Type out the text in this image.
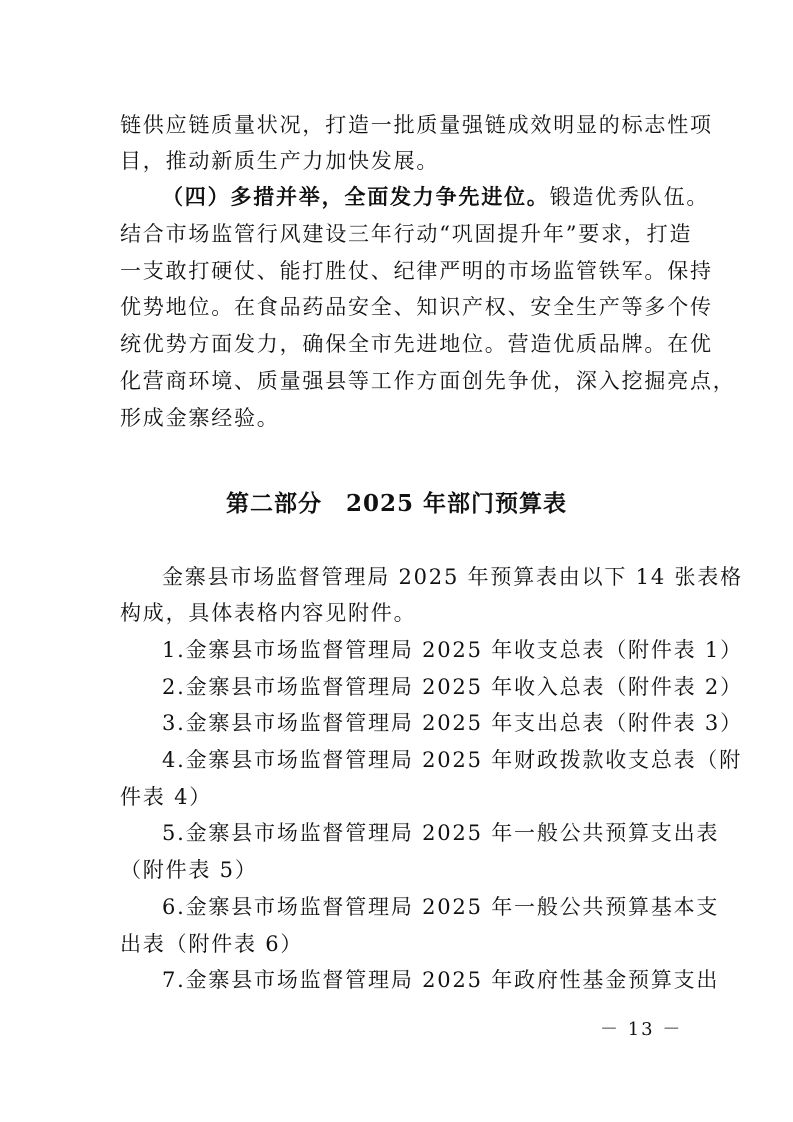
链供应链质量状况，打造一批质量强链成效明显的标志性项
目，推动新质生产力加快发展。
（四）多措并举，全面发力争先进位。锻造优秀队伍。
结合市场监管行风建设三年行动“巩固提升年”要求，打造
一支敢打硬仗、能打胜仗、纪律严明的市场监管铁军。保持
优势地位。在食品药品安全、知识产权、安全生产等多个传
统优势方面发力，确保全市先进地位。营造优质品牌。在优
化营商环境、质量强县等工作方面创先争优，深入挖掘亮点，
形成金寨经验。
第二部分　2025 年部门预算表
金寨县市场监督管理局 2025 年预算表由以下 14 张表格
构成，具体表格内容见附件。
1.金寨县市场监督管理局 2025 年收支总表（附件表 1）
2.金寨县市场监督管理局 2025 年收入总表（附件表 2）
3.金寨县市场监督管理局 2025 年支出总表（附件表 3）
4.金寨县市场监督管理局 2025 年财政拨款收支总表（附
件表 4）
5.金寨县市场监督管理局 2025 年一般公共预算支出表
（附件表 5）
6.金寨县市场监督管理局 2025 年一般公共预算基本支
出表（附件表 6）
7.金寨县市场监督管理局 2025 年政府性基金预算支出
－ 13 －
